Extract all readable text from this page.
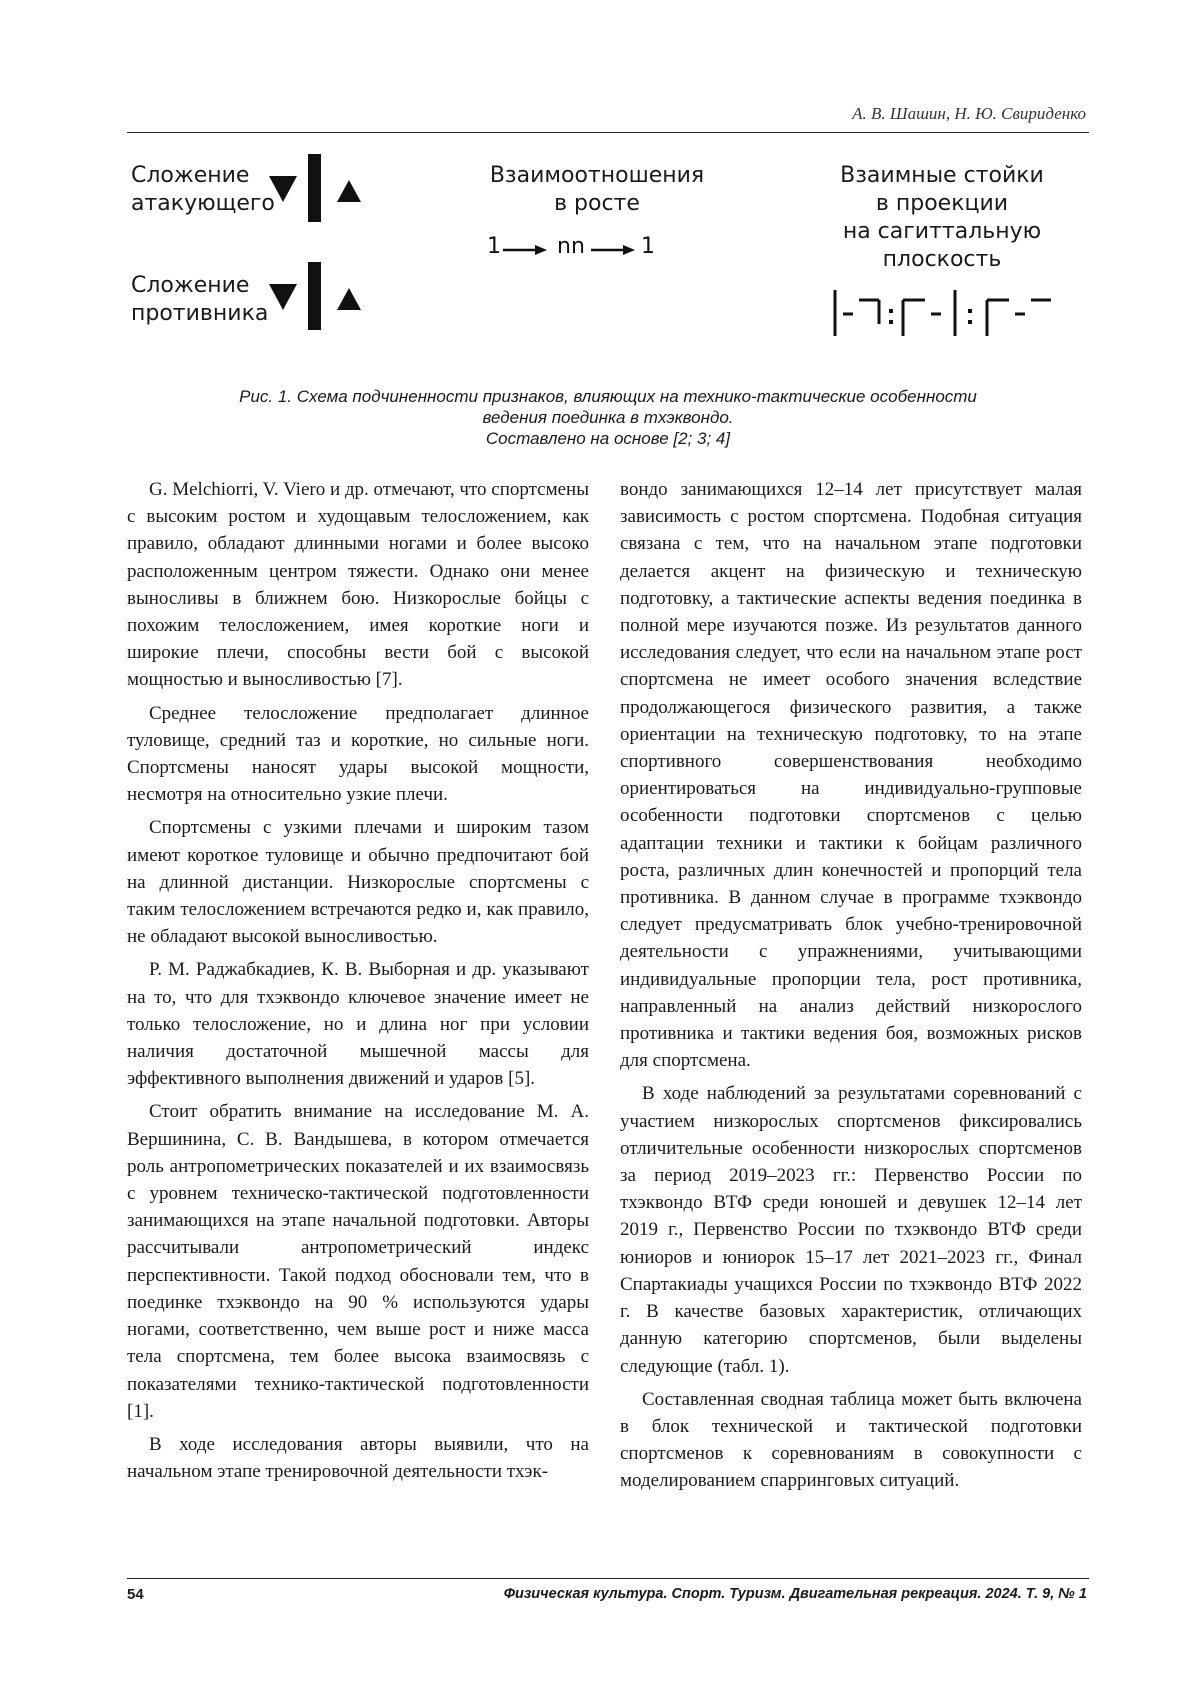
А. В. Шашин, Н. Ю. Свириденко
Сложение
атакующего
Сложение
противника
Взаимоотношения
в росте
1	nn	1
Взаимные стойки
в проекции
на сагиттальную
плоскость
Рис. 1. Схема подчиненности признаков, влияющих на технико-тактические особенности
ведения поединка в тхэквондо.
Составлено на основе [2; 3; 4]

G. Melchiorri, V. Viero и др. отмечают, что спортсмены с высоким ростом и худощавым телосложением, как правило, обладают длинными ногами и более высоко расположенным центром тяжести. Однако они менее выносливы в ближнем бою. Низкорослые бойцы с похожим телосложением, имея короткие ноги и широкие плечи, способны вести бой с высокой мощностью и выносливостью [7].

Среднее телосложение предполагает длинное туловище, средний таз и короткие, но сильные ноги. Спортсмены наносят удары высокой мощности, несмотря на относительно узкие плечи.

Спортсмены с узкими плечами и широким тазом имеют короткое туловище и обычно предпочитают бой на длинной дистанции. Низкорослые спортсмены с таким телосложением встречаются редко и, как правило, не обладают высокой выносливостью.

Р. М. Раджабкадиев, К. В. Выборная и др. указывают на то, что для тхэквондо ключевое значение имеет не только телосложение, но и длина ног при условии наличия достаточной мышечной массы для эффективного выполнения движений и ударов [5].

Стоит обратить внимание на исследование М. А. Вершинина, С. В. Вандышева, в котором отмечается роль антропометрических показателей и их взаимосвязь с уровнем техническо-тактической подготовленности занимающихся на этапе начальной подготовки. Авторы рассчитывали антропометрический индекс перспективности. Такой подход обосновали тем, что в поединке тхэквондо на 90 % используются удары ногами, соответственно, чем выше рост и ниже масса тела спортсмена, тем более высока взаимосвязь с показателями технико-тактической подготовленности [1].

В ходе исследования авторы выявили, что на начальном этапе тренировочной деятельности тхэк-

вондо занимающихся 12–14 лет присутствует малая зависимость с ростом спортсмена. Подобная ситуация связана с тем, что на начальном этапе подготовки делается акцент на физическую и техническую подготовку, а тактические аспекты ведения поединка в полной мере изучаются позже. Из результатов данного исследования следует, что если на начальном этапе рост спортсмена не имеет особого значения вследствие продолжающегося физического развития, а также ориентации на техническую подготовку, то на этапе спортивного совершенствования необходимо ориентироваться на индивидуально-групповые особенности подготовки спортсменов с целью адаптации техники и тактики к бойцам различного роста, различных длин конечностей и пропорций тела противника. В данном случае в программе тхэквондо следует предусматривать блок учебно-тренировочной деятельности с упражнениями, учитывающими индивидуальные пропорции тела, рост противника, направленный на анализ действий низкорослого противника и тактики ведения боя, возможных рисков для спортсмена.

В ходе наблюдений за результатами соревнований с участием низкорослых спортсменов фиксировались отличительные особенности низкорослых спортсменов за период 2019–2023 гг.: Первенство России по тхэквондо ВТФ среди юношей и девушек 12–14 лет 2019 г., Первенство России по тхэквондо ВТФ среди юниоров и юниорок 15–17 лет 2021–2023 гг., Финал Спартакиады учащихся России по тхэквондо ВТФ 2022 г. В качестве базовых характеристик, отличающих данную категорию спортсменов, были выделены следующие (табл. 1).

Составленная сводная таблица может быть включена в блок технической и тактической подготовки спортсменов к соревнованиям в совокупности с моделированием спарринговых ситуаций.

54	Физическая культура. Спорт. Туризм. Двигательная рекреация. 2024. Т. 9, № 1
